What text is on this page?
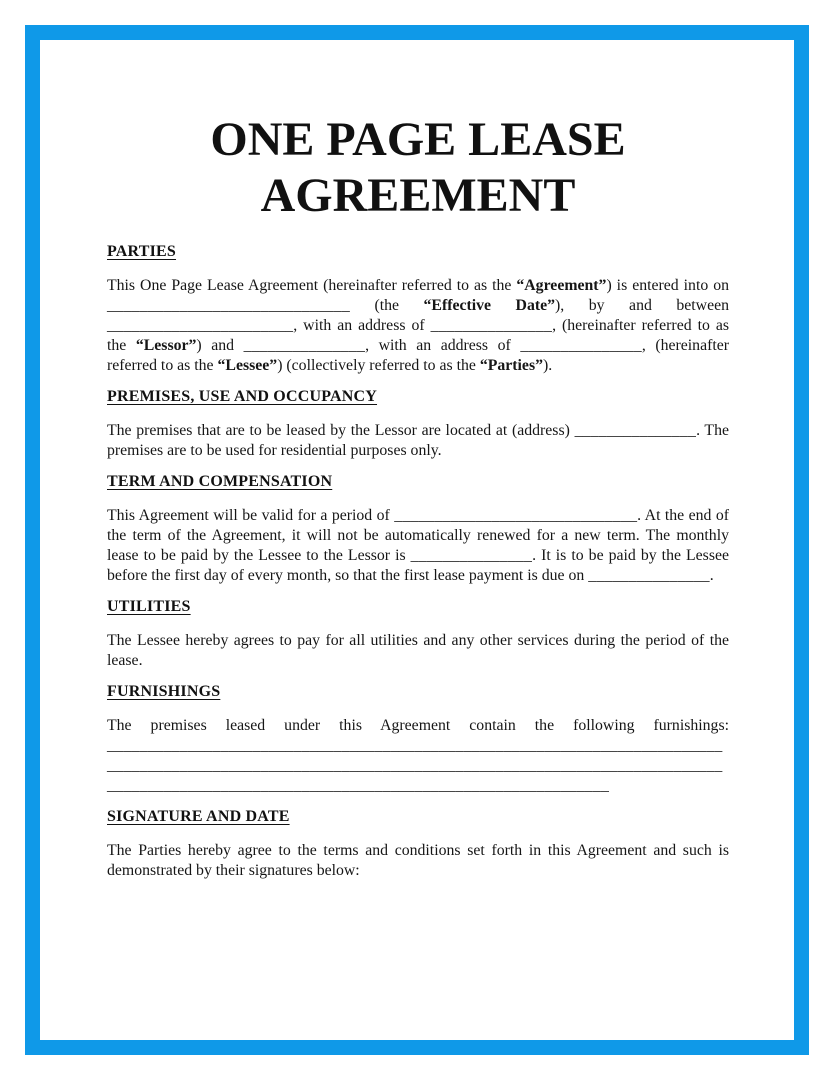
ONE PAGE LEASE
AGREEMENT
PARTIES

This One Page Lease Agreement (hereinafter referred to as the “Agreement”) is entered into on ______________________________ (the “Effective Date”), by and between _______________________, with an address of _______________, (hereinafter referred to as the “Lessor”) and _______________, with an address of _______________, (hereinafter referred to as the “Lessee”) (collectively referred to as the “Parties”).

PREMISES, USE AND OCCUPANCY

The premises that are to be leased by the Lessor are located at (address) _______________. The premises are to be used for residential purposes only.

TERM AND COMPENSATION

This Agreement will be valid for a period of ______________________________. At the end of the term of the Agreement, it will not be automatically renewed for a new term. The monthly lease to be paid by the Lessee to the Lessor is _______________. It is to be paid by the Lessee before the first day of every month, so that the first lease payment is due on _______________.

UTILITIES

The Lessee hereby agrees to pay for all utilities and any other services during the period of the lease.

FURNISHINGS

The premises leased under this Agreement contain the following furnishings: ______________________________________________________________________________________________________________________________________________________________________________________________________________________

SIGNATURE AND DATE

The Parties hereby agree to the terms and conditions set forth in this Agreement and such is demonstrated by their signatures below:
